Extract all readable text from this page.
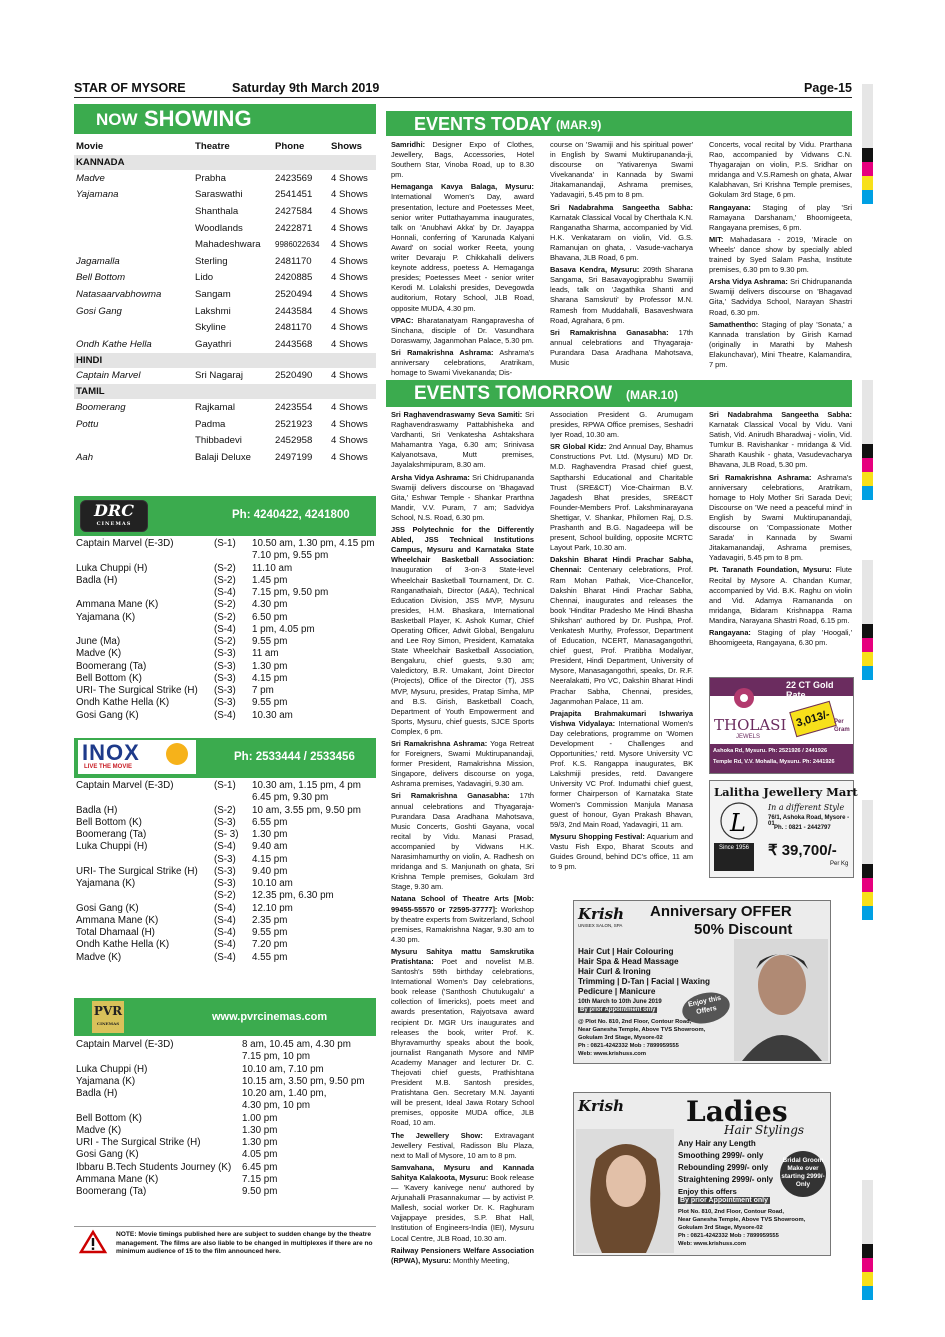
STAR OF MYSORE	Saturday 9th March 2019	Page-15
NOW SHOWING
Movie	Theatre	Phone	Shows
KANNADA			
Madve	Prabha	2423569	4 Shows
Yajamana	Saraswathi	2541451	4 Shows
	Shanthala	2427584	4 Shows
	Woodlands	2422871	4 Shows
	Mahadeshwara	9986022634	4 Shows
Jagamalla	Sterling	2481170	4 Shows
Bell Bottom	Lido	2420885	4 Shows
Natasaarvabhowma	Sangam	2520494	4 Shows
Gosi Gang	Lakshmi	2443584	4 Shows
	Skyline	2481170	4 Shows
Ondh Kathe Hella	Gayathri	2443568	4 Shows
HINDI			
Captain Marvel	Sri Nagaraj	2520490	4 Shows
TAMIL			
Boomerang	Rajkamal	2423554	4 Shows
Pottu	Padma	2521923	4 Shows
	Thibbadevi	2452958	4 Shows
Aah	Balaji Deluxe	2497199	4 Shows
DRC
CINEMAS
Ph: 4240422, 4241800
Captain Marvel (E-3D)	(S-1) 10.50 am, 1.30 pm, 4.15 pm
7.10 pm, 9.55 pm
Luka Chuppi (H)	(S-2) 11.10 am
Badla (H)	(S-2) 1.45 pm
(S-4) 7.15 pm, 9.50 pm
Ammana Mane (K)	(S-2) 4.30 pm
Yajamana (K)	(S-2) 6.50 pm
(S-4) 1 pm, 4.05 pm
June (Ma)	(S-2) 9.55 pm
Madve (K)	(S-3) 11 am
Boomerang (Ta)	(S-3) 1.30 pm
Bell Bottom (K)	(S-3) 4.15 pm
URI- The Surgical Strike (H) (S-3) 7 pm
Ondh Kathe Hella (K)	(S-3) 9.55 pm
Gosi Gang (K)	(S-4) 10.30 am
INOX
LIVE THE MOVIE
Ph: 2533444 / 2533456
Captain Marvel (E-3D)	(S-1) 10.30 am, 1.15 pm, 4 pm
6.45 pm, 9.30 pm
Badla (H)	(S-2) 10 am, 3.55 pm, 9.50 pm
Bell Bottom (K)	(S-3) 6.55 pm
Boomerang (Ta)	(S- 3) 1.30 pm
Luka Chuppi (H)	(S-4) 9.40 am
(S-3) 4.15 pm
URI- The Surgical Strike (H) (S-3) 9.40 pm
Yajamana (K)	(S-3) 10.10 am
(S-2) 12.35 pm, 6.30 pm
Gosi Gang (K)	(S-4) 12.10 pm
Ammana Mane (K)	(S-4) 2.35 pm
Total Dhamaal (H)	(S-4) 9.55 pm
Ondh Kathe Hella (K)	(S-4) 7.20 pm
Madve (K)	(S-4) 4.55 pm
PVR
CINEMAS
www.pvrcinemas.com
Captain Marvel (E-3D)	8 am, 10.45 am, 4.30 pm
7.15 pm, 10 pm
Luka Chuppi (H)	10.10 am, 7.10 pm
Yajamana (K)	10.15 am, 3.50 pm, 9.50 pm
Badla (H)	10.20 am, 1.40 pm,
4.30 pm, 10 pm
Bell Bottom (K)	1.00 pm
Madve (K)	1.30 pm
URI - The Surgical Strike (H)	1.30 pm
Gosi Gang (K)	4.05 pm
Ibbaru B.Tech Students Journey (K) 6.45 pm
Ammana Mane (K)	7.15 pm
Boomerang (Ta)	9.50 pm
NOTE: Movie timings published here are subject to sudden change by the theatre management. The films are also liable to be changed in multiplexes if there are no minimum audience of 15 to the film announced here.
EVENTS TODAY (MAR.9)

Samridhi: Designer Expo of Clothes, Jewellery, Bags, Accessories, Hotel Southern Star, Vinoba Road, up to 8.30 pm.

Hemaganga Kavya Balaga, Mysuru: International Women's Day, award presentation, lecture and Poetesses Meet, senior writer Puttathayamma inaugurates, talk on 'Anubhavi Akka' by Dr. Jayappa Honnali, conferring of 'Karunada Kalyani Award' on social worker Reeta, young writer Devaraju P. Chikkahalli delivers keynote address, poetess A. Hemaganga presides; Poetesses Meet - senior writer Kerodi M. Lolakshi presides, Devegowda auditorium, Rotary School, JLB Road, opposite MUDA, 4.30 pm.

VPAC: Bharatanatyam Rangapravesha of Sinchana, disciple of Dr. Vasundhara Doraswamy, Jaganmohan Palace, 5.30 pm.

Sri Ramakrishna Ashrama: Ashrama's anniversary celebrations, Aratrikam, homage to Swami Vivekananda; Dis-

course on 'Swamiji and his spiritual power' in English by Swami Muktirupananda-ji, discourse on 'Yativarenya Swami Vivekananda' in Kannada by Swami Jitakamanandaji, Ashrama premises, Yadavagiri, 5.45 pm to 8 pm.

Sri Nadabrahma Sangeetha Sabha: Karnatak Classical Vocal by Cherthala K.N. Ranganatha Sharma, accompanied by Vid. H.K. Venkataram on violin, Vid. G.S. Ramanujan on ghata, . Vasude-vacharya Bhavana, JLB Road, 6 pm.

Basava Kendra, Mysuru: 209th Sharana Sangama, Sri Basavayogiprabhu Swamiji leads, talk on 'Jagathika Shanti and Sharana Samskruti' by Professor M.N. Ramesh from Muddahalli, Basaveshwara Road, Agrahara, 6 pm.

Sri Ramakrishna Ganasabha: 17th annual celebrations and Thyagaraja-Purandara Dasa Aradhana Mahotsava, Music

Concerts, vocal recital by Vidu. Prarthana Rao, accompanied by Vidwans C.N. Thyagarajan on violin, P.S. Sridhar on mridanga and V.S.Ramesh on ghata, Alwar Kalabhavan, Sri Krishna Temple premises, Gokulam 3rd Stage, 6 pm.

Rangayana: Staging of play 'Sri Ramayana Darshanam,' Bhoomigeeta, Rangayana premises, 6 pm.

MIT: Mahadasara - 2019, 'Miracle on Wheels' dance show by specially abled trained by Syed Salam Pasha, Institute premises, 6.30 pm to 9.30 pm.

Arsha Vidya Ashrama: Sri Chidrupananda Swamiji delivers discourse on 'Bhagavad Gita,' Sadvidya School, Narayan Shastri Road, 6.30 pm.

Samathentho: Staging of play 'Sonata,' a Kannada translation by Girish Karnad (originally in Marathi by Mahesh Elakunchavar), Mini Theatre, Kalamandira, 7 pm.

EVENTS TOMORROW (MAR.10)

Sri Raghavendraswamy Seva Samiti: Sri Raghavendraswamy Pattabhisheka and Vardhanti, Sri Venkatesha Ashtakshara Mahamantra Yaga, 6.30 am; Srinivasa Kalyanotsava, Mutt premises, Jayalakshmipuram, 8.30 am.

Arsha Vidya Ashrama: Sri Chidrupananda Swamiji delivers discourse on 'Bhagavad Gita,' Eshwar Temple - Shankar Prarthna Mandir, V.V. Puram, 7 am; Sadvidya School, N.S. Road, 6.30 pm.

JSS Polytechnic for the Differently Abled, JSS Technical Institutions Campus, Mysuru and Karnataka State Wheelchair Basketball Association: Inauguration of 3-on-3 State-level Wheelchair Basketball Tournament, Dr. C. Ranganathaiah, Director (A&A), Technical Education Division, JSS MVP, Mysuru presides, H.M. Bhaskara, International Basketball Player, K. Ashok Kumar, Chief Operating Officer, Adwit Global, Bengaluru and Lee Roy Simon, President, Karnataka State Wheelchair Basketball Association, Bengaluru, chief guests, 9.30 am; Valedictory, B.R. Umakant, Joint Director (Projects), Office of the Director (T), JSS MVP, Mysuru, presides, Pratap Simha, MP and B.S. Girish, Basketball Coach, Department of Youth Empowerment and Sports, Mysuru, chief guests, SJCE Sports Complex, 6 pm.

Sri Ramakrishna Ashrama: Yoga Retreat for Foreigners, Swami Muktirupanandaji, former President, Ramakrishna Mission, Singapore, delivers discourse on yoga, Ashrama premises, Yadavagiri, 9.30 am.

Sri Ramakrishna Ganasabha: 17th annual celebrations and Thyagaraja-Purandara Dasa Aradhana Mahotsava, Music Concerts, Goshti Gayana, vocal recital by Vidu. Manasi Prasad, accompanied by Vidwans H.K. Narasimhamurthy on violin, A. Radhesh on mridanga and S. Manjunath on ghata, Sri Krishna Temple premises, Gokulam 3rd Stage, 9.30 am.

Natana School of Theatre Arts [Mob: 99455-55570 or 72595-37777]: Workshop by theatre experts from Switzerland, School premises, Ramakrishna Nagar, 9.30 am to 4.30 pm.

Mysuru Sahitya mattu Samskrutika Pratishtana: Poet and novelist M.B. Santosh's 59th birthday celebrations, International Women's Day celebrations, book release ('Santhosh Chutukugalu' a collection of limericks), poets meet and awards presentation, Rajyotsava award recipient Dr. MGR Urs inaugurates and releases the book, writer Prof. K. Bhyravamurthy speaks about the book, journalist Ranganath Mysore and NMP Academy Manager and lecturer Dr. C. Thejovati chief guests, Prathishtana President M.B. Santosh presides, Pratishtana Gen. Secretary M.N. Jayanti will be present, Ideal Jawa Rotary School premises, opposite MUDA office, JLB Road, 10 am.

The Jewellery Show: Extravagant Jewellery Festival, Radisson Blu Plaza, next to Mall of Mysore, 10 am to 8 pm.

Samvahana, Mysuru and Kannada Sahitya Kalakoota, Mysuru: Book release — 'Kavery kanivege nenu' authored by Arjunahalli Prasannakumar — by activist P. Mallesh, social worker Dr. K. Raghuram Vajjappaye presides, S.P. Bhat Hall, Institution of Engineers-India (IEI), Mysuru Local Centre, JLB Road, 10.30 am.

Railway Pensioners Welfare Association (RPWA), Mysuru: Monthly Meeting,

Association President G. Arumugam presides, RPWA Office premises, Seshadri Iyer Road, 10.30 am.

SR Global Kidz: 2nd Annual Day, Bhamus Constructions Pvt. Ltd. (Mysuru) MD Dr. M.D. Raghavendra Prasad chief guest, Saptharshi Educational and Charitable Trust (SRE&CT) Vice-Chairman B.V. Jagadesh Bhat presides, SRE&CT Founder-Members Prof. Lakshminarayana Shettigar, V. Shankar, Philomen Raj, D.S. Prashanth and B.G. Nagadeepa will be present, School building, opposite MCRTC Layout Park, 10.30 am.

Dakshin Bharat Hindi Prachar Sabha, Chennai: Centenary celebrations, Prof. Ram Mohan Pathak, Vice-Chancellor, Dakshin Bharat Hindi Prachar Sabha, Chennai, inaugurates and releases the book 'Hinditar Pradesho Me Hindi Bhasha Shikshan' authored by Dr. Pushpa, Prof. Venkatesh Murthy, Professor, Department of Education, NCERT, Manasagangothri, chief guest, Prof. Pratibha Modaliyar, President, Hindi Department, University of Mysore, Manasagangothri, speaks, Dr. R.F. Neeralakatti, Pro VC, Dakshin Bharat Hindi Prachar Sabha, Chennai, presides, Jaganmohan Palace, 11 am.

Prajapita Brahmakumari Ishwariya Vishwa Vidyalaya: International Women's Day celebrations, programme on 'Women Development - Challenges and Opportunities,' retd. Mysore University VC Prof. K.S. Rangappa inaugurates, BK Lakshmiji presides, retd. Davangere University VC Prof. Indumathi chief guest, former Chairperson of Karnataka State Women's Commission Manjula Manasa guest of honour, Gyan Prakash Bhavan, 59/3, 2nd Main Road, Yadavagiri, 11 am.

Mysuru Shopping Festival: Aquarium and Vastu Fish Expo, Bharat Scouts and Guides Ground, behind DC's office, 11 am to 9 pm.

Sri Nadabrahma Sangeetha Sabha: Karnatak Classical Vocal by Vidu. Vani Satish, Vid. Anirudh Bharadwaj - violin, Vid. Tumkur B. Ravishankar - mridanga & Vid. Sharath Kaushik - ghata, Vasudevacharya Bhavana, JLB Road, 5.30 pm.

Sri Ramakrishna Ashrama: Ashrama's anniversary celebrations, Aratrikam, homage to Holy Mother Sri Sarada Devi; Discourse on 'We need a peaceful mind' in English by Swami Muktirupanandaji, discourse on 'Compassionate Mother Sarada' in Kannada by Swami Jitakamanandaji, Ashrama premises, Yadavagiri, 5.45 pm to 8 pm.

Pt. Taranath Foundation, Mysuru: Flute Recital by Mysore A. Chandan Kumar, accompanied by Vid. B.K. Raghu on violin and Vid. Adamya Ramananda on mridanga, Bidaram Krishnappa Rama Mandira, Narayana Shastri Road, 6.15 pm.

Rangayana: Staging of play 'Hoogali,' Bhoomigeeta, Rangayana, 6.30 pm.

22 CT Gold Rate
THOLASI
JEWELS
3,013/- Per Gram
Ashoka Rd, Mysuru. Ph: 2521926 / 2441926
Temple Rd, V.V. Mohalla, Mysuru. Ph: 2441926
Lalitha Jewellery Mart
In a different Style
L	76/1, Ashoka Road, Mysore - 01
Ph. : 0821 - 2442797
Since 1956	₹ 39,700/-
Per Kg
Krish
UNISEX SALON, SPA
Anniversary OFFER
50% Discount
Hair Cut | Hair Colouring
Hair Spa & Head Massage
Hair Curl & Ironing
Trimming | D-Tan | Facial | Waxing
Pedicure | Manicure
10th March to 10th June 2019
By prior Appointment only
Enjoy this Offers
@ Plot No. 810, 2nd Floor, Contour Road,
Near Ganesha Temple, Above TVS Showroom,
Gokulam 3rd Stage, Mysore-02
Ph : 0821-4242332 Mob : 7899959555
Web: www.krishuss.com
Krish Ladies
Hair Stylings
Any Hair any Length
Smoothing 2999/- only
Rebounding 2999/- only
Straightening 2999/- only
Enjoy this offers
By prior Appointment only
Bridal Groom Make over starting 2999/- Only
Plot No. 810, 2nd Floor, Contour Road,
Near Ganesha Temple, Above TVS Showroom,
Gokulam 3rd Stage, Mysore-02
Ph : 0821-4242332 Mob : 7899959555
Web: www.krishuss.com
